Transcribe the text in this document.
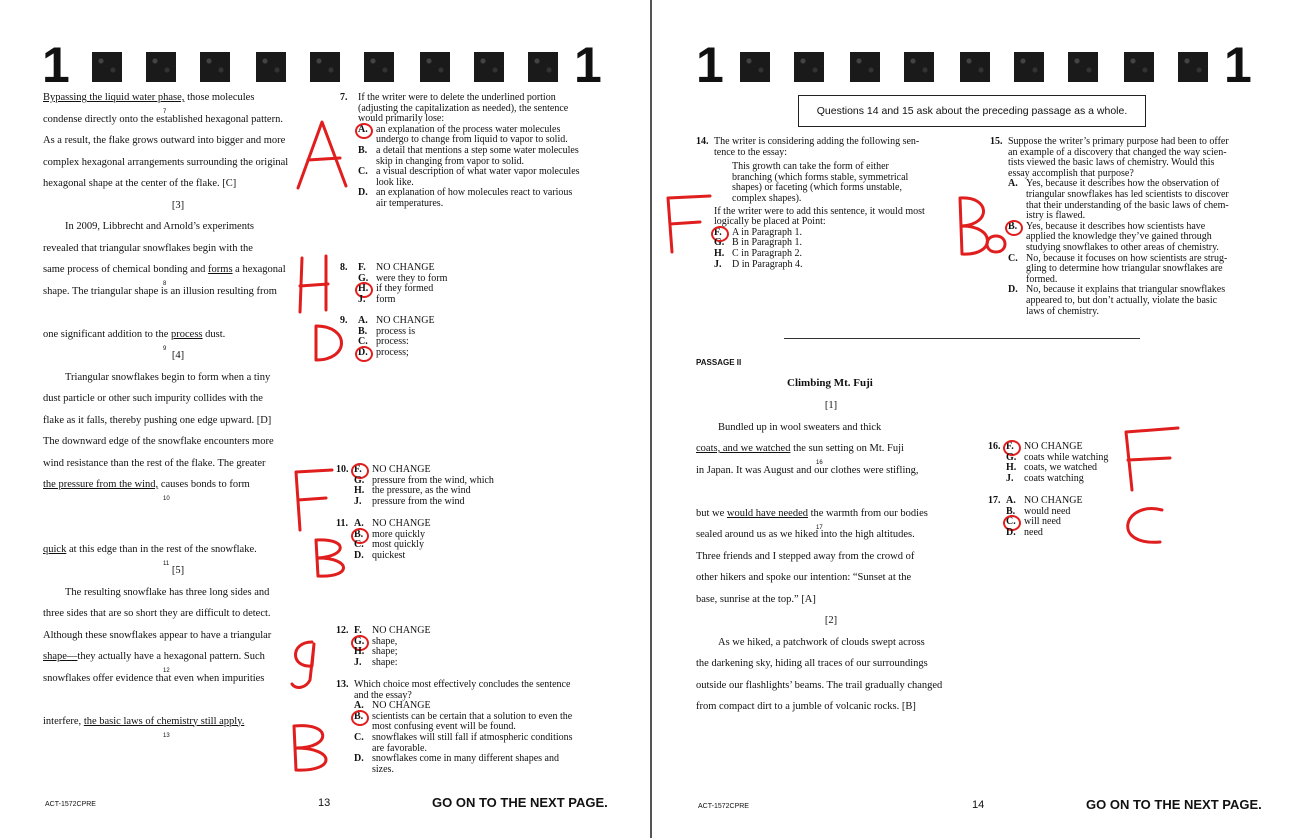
1	1
Bypassing the liquid water phase, those molecules
7
condense directly onto the established hexagonal pattern.
As a result, the flake grows outward into bigger and more
complex hexagonal arrangements surrounding the original
hexagonal shape at the center of the flake. [C]
[3]
In 2009, Libbrecht and Arnold’s experiments
revealed that triangular snowflakes begin with the
same process of chemical bonding and forms a hexagonal
8
shape. The triangular shape is an illusion resulting from
one significant addition to the process dust.
9
[4]
Triangular snowflakes begin to form when a tiny
dust particle or other such impurity collides with the
flake as it falls, thereby pushing one edge upward. [D]
The downward edge of the snowflake encounters more
wind resistance than the rest of the flake. The greater
the pressure from the wind, causes bonds to form
10
quick at this edge than in the rest of the snowflake.
11
[5]
The resulting snowflake has three long sides and
three sides that are so short they are difficult to detect.
Although these snowflakes appear to have a triangular
shape—they actually have a hexagonal pattern. Such
12
snowflakes offer evidence that even when impurities
interfere, the basic laws of chemistry still apply.
13
7. If the writer were to delete the underlined portion
(adjusting the capitalization as needed), the sentence
would primarily lose:
A. an explanation of the process water molecules
undergo to change from liquid to vapor to solid.
B. a detail that mentions a step some water molecules
skip in changing from vapor to solid.
C. a visual description of what water vapor molecules
look like.
D. an explanation of how molecules react to various
air temperatures.
8. F.	NO CHANGE
G. were they to form
H. if they formed
J.	form
9. A. NO CHANGE
B. process is
C. process:
D. process;
10. F.	NO CHANGE
G. pressure from the wind, which
H. the pressure, as the wind
J.	pressure from the wind
11. A. NO CHANGE
B. more quickly
C. most quickly
D. quickest
12. F.	NO CHANGE
G. shape,
H. shape;
J.	shape:
13. Which choice most effectively concludes the sentence
and the essay?
A. NO CHANGE
B. scientists can be certain that a solution to even the
most confusing event will be found.
C. snowflakes will still fall if atmospheric conditions
are favorable.
D. snowflakes come in many different shapes and
sizes.
ACT-1572CPRE	13	GO ON TO THE NEXT PAGE.
1	1
Questions 14 and 15 ask about the preceding passage as a whole.
14. The writer is considering adding the following sen-
tence to the essay:
This growth can take the form of either
branching (which forms stable, symmetrical
shapes) or faceting (which forms unstable,
complex shapes).
If the writer were to add this sentence, it would most
logically be placed at Point:
F.	A in Paragraph 1.
G. B in Paragraph 1.
H. C in Paragraph 2.
J.	D in Paragraph 4.
15. Suppose the writer’s primary purpose had been to offer
an example of a discovery that changed the way scien-
tists viewed the basic laws of chemistry. Would this
essay accomplish that purpose?
A. Yes, because it describes how the observation of
triangular snowflakes has led scientists to discover
that their understanding of the basic laws of chem-
istry is flawed.
B. Yes, because it describes how scientists have
applied the knowledge they’ve gained through
studying snowflakes to other areas of chemistry.
C. No, because it focuses on how scientists are strug-
gling to determine how triangular snowflakes are
formed.
D. No, because it explains that triangular snowflakes
appeared to, but don’t actually, violate the basic
laws of chemistry.
PASSAGE II
Climbing Mt. Fuji
[1]
Bundled up in wool sweaters and thick
coats, and we watched the sun setting on Mt. Fuji
16
in Japan. It was August and our clothes were stifling,
but we would have needed the warmth from our bodies
17
sealed around us as we hiked into the high altitudes.
Three friends and I stepped away from the crowd of
other hikers and spoke our intention: “Sunset at the
base, sunrise at the top.” [A]
[2]
As we hiked, a patchwork of clouds swept across
the darkening sky, hiding all traces of our surroundings
outside our flashlights’ beams. The trail gradually changed
from compact dirt to a jumble of volcanic rocks. [B]
16. F.	NO CHANGE
G. coats while watching
H. coats, we watched
J.	coats watching
17. A. NO CHANGE
B. would need
C. will need
D. need
ACT-1572CPRE	14	GO ON TO THE NEXT PAGE.
